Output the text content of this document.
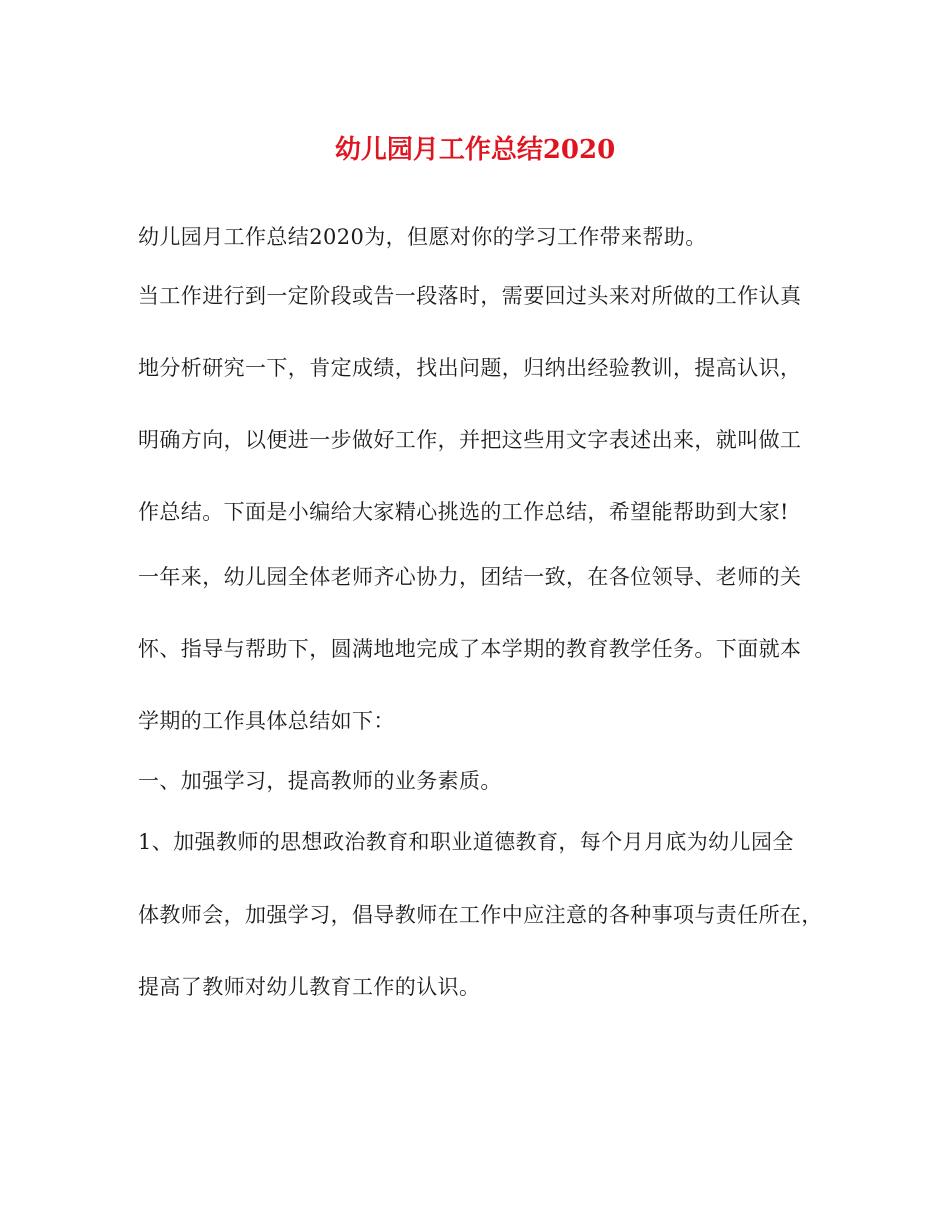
幼儿园月工作总结2020
幼儿园月工作总结2020为，但愿对你的学习工作带来帮助。
当工作进行到一定阶段或告一段落时，需要回过头来对所做的工作认真
地分析研究一下，肯定成绩，找出问题，归纳出经验教训，提高认识，
明确方向，以便进一步做好工作，并把这些用文字表述出来，就叫做工
作总结。下面是小编给大家精心挑选的工作总结，希望能帮助到大家!
一年来，幼儿园全体老师齐心协力，团结一致，在各位领导、老师的关
怀、指导与帮助下，圆满地地完成了本学期的教育教学任务。下面就本
学期的工作具体总结如下：
一、加强学习，提高教师的业务素质。
1、加强教师的思想政治教育和职业道德教育，每个月月底为幼儿园全
体教师会，加强学习，倡导教师在工作中应注意的各种事项与责任所在，
提高了教师对幼儿教育工作的认识。
